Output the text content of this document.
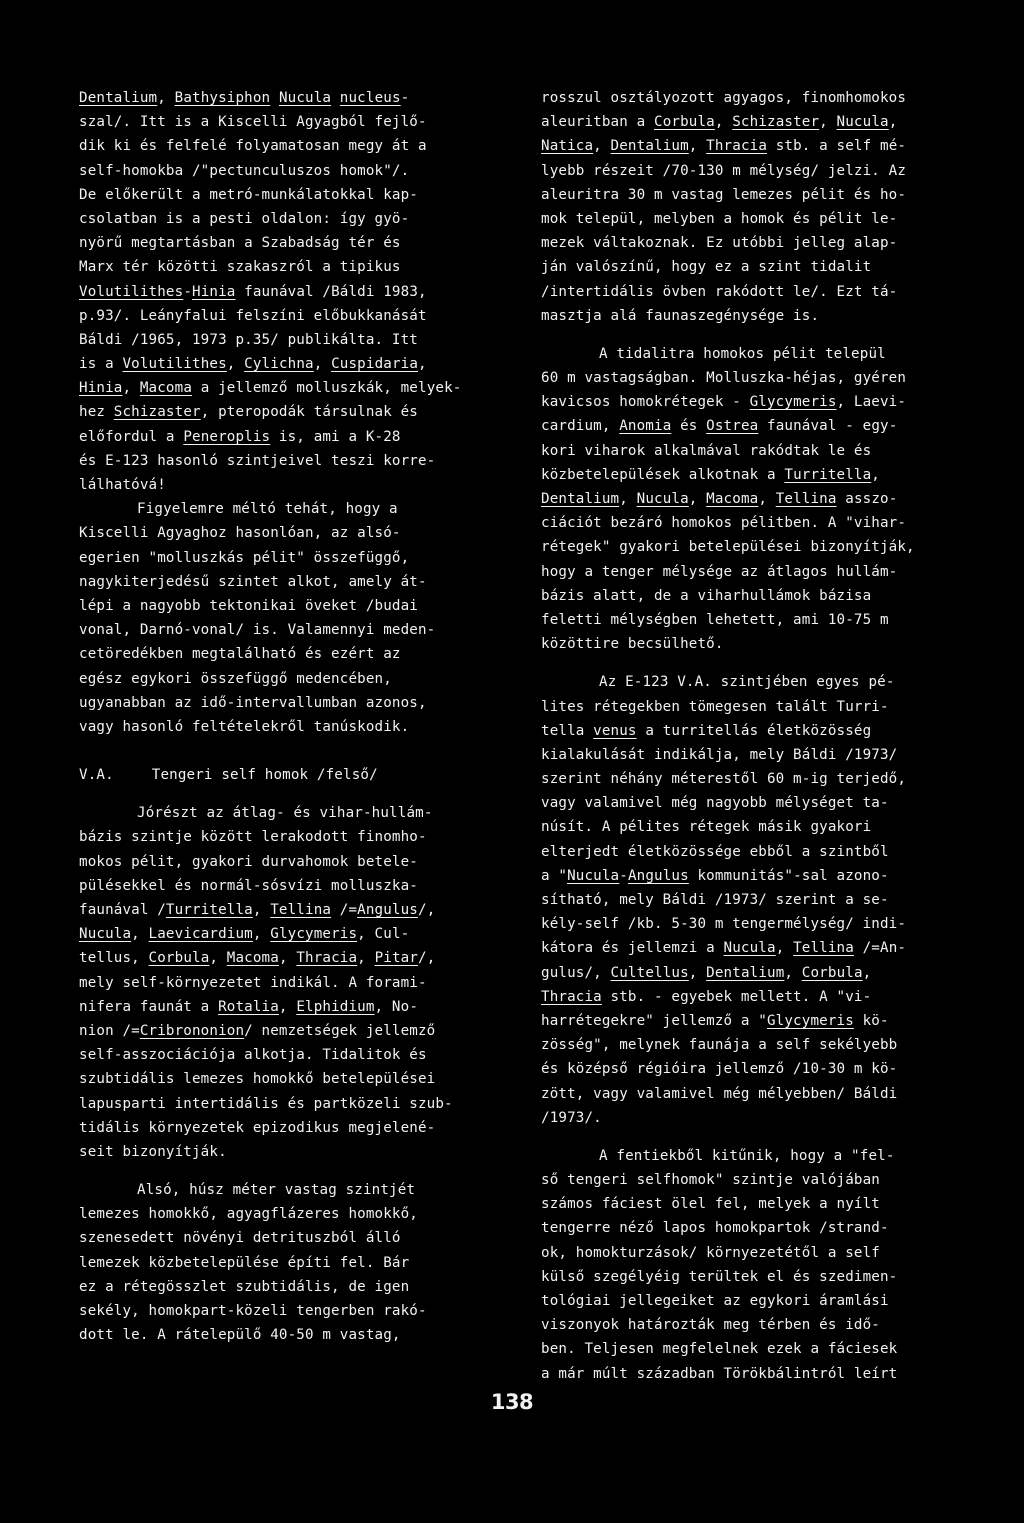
Dentalium, Bathysiphon Nucula nucleus-
szal/. Itt is a Kiscelli Agyagból fejlő-
dik ki és felfelé folyamatosan megy át a
self-homokba /"pectunculuszos homok"/.
De előkerült a metró-munkálatokkal kap-
csolatban is a pesti oldalon: így gyö-
nyörű megtartásban a Szabadság tér és
Marx tér közötti szakaszról a tipikus
Volutilithes-Hinia faunával /Báldi 1983,
p.93/. Leányfalui felszíni előbukkanását
Báldi /1965, 1973 p.35/ publikálta. Itt
is a Volutilithes, Cylichna, Cuspidaria,
Hinia, Macoma a jellemző molluszkák, melyek-
hez Schizaster, pteropodák társulnak és
előfordul a Peneroplis is, ami a K-28
és E-123 hasonló szintjeivel teszi korre-
lálhatóvá!
Figyelemre méltó tehát, hogy a
Kiscelli Agyaghoz hasonlóan, az alsó-
egerien "molluszkás pélit" összefüggő,
nagykiterjedésű szintet alkot, amely át-
lépi a nagyobb tektonikai öveket /budai
vonal, Darnó-vonal/ is. Valamennyi meden-
cetöredékben megtalálható és ezért az
egész egykori összefüggő medencében,
ugyanabban az idő-intervallumban azonos,
vagy hasonló feltételekről tanúskodik.
V.A.	Tengeri self homok /felső/
Jórészt az átlag- és vihar-hullám-
bázis szintje között lerakodott finomho-
mokos pélit, gyakori durvahomok betele-
pülésekkel és normál-sósvízi molluszka-
faunával /Turritella, Tellina /=Angulus/,
Nucula, Laevicardium, Glycymeris, Cul-
tellus, Corbula, Macoma, Thracia, Pitar/,
mely self-környezetet indikál. A forami-
nifera faunát a Rotalia, Elphidium, No-
nion /=Cribrononion/ nemzetségek jellemző
self-asszociációja alkotja. Tidalitok és
szubtidális lemezes homokkő betelepülései
lapusparti intertidális és partközeli szub-
tidális környezetek epizodikus megjelené-
seit bizonyítják.
Alsó, húsz méter vastag szintjét
lemezes homokkő, agyagflázeres homokkő,
szenesedett növényi detrituszból álló
lemezek közbetelepülése építi fel. Bár
ez a rétegösszlet szubtidális, de igen
sekély, homokpart-közeli tengerben rakó-
dott le. A rátelepülő 40-50 m vastag,
rosszul osztályozott agyagos, finomhomokos
aleuritban a Corbula, Schizaster, Nucula,
Natica, Dentalium, Thracia stb. a self mé-
lyebb részeit /70-130 m mélység/ jelzi. Az
aleuritra 30 m vastag lemezes pélit és ho-
mok települ, melyben a homok és pélit le-
mezek váltakoznak. Ez utóbbi jelleg alap-
ján valószínű, hogy ez a szint tidalit
/intertidális övben rakódott le/. Ezt tá-
masztja alá faunaszegénysége is.
A tidalitra homokos pélit települ
60 m vastagságban. Molluszka-héjas, gyéren
kavicsos homokrétegek - Glycymeris, Laevi-
cardium, Anomia és Ostrea faunával - egy-
kori viharok alkalmával rakódtak le és
közbetelepülések alkotnak a Turritella,
Dentalium, Nucula, Macoma, Tellina asszo-
ciációt bezáró homokos pélitben. A "vihar-
rétegek" gyakori betelepülései bizonyítják,
hogy a tenger mélysége az átlagos hullám-
bázis alatt, de a viharhullámok bázisa
feletti mélységben lehetett, ami 10-75 m
közöttire becsülhető.
Az E-123 V.A. szintjében egyes pé-
lites rétegekben tömegesen talált Turri-
tella venus a turritellás életközösség
kialakulását indikálja, mely Báldi /1973/
szerint néhány méterestől 60 m-ig terjedő,
vagy valamivel még nagyobb mélységet ta-
núsít. A pélites rétegek másik gyakori
elterjedt életközössége ebből a szintből
a "Nucula-Angulus kommunitás"-sal azono-
sítható, mely Báldi /1973/ szerint a se-
kély-self /kb. 5-30 m tengermélység/ indi-
kátora és jellemzi a Nucula, Tellina /=An-
gulus/, Cultellus, Dentalium, Corbula,
Thracia stb. - egyebek mellett. A "vi-
harrétegekre" jellemző a "Glycymeris kö-
zösség", melynek faunája a self sekélyebb
és középső régióira jellemző /10-30 m kö-
zött, vagy valamivel még mélyebben/ Báldi
/1973/.
A fentiekből kitűnik, hogy a "fel-
ső tengeri selfhomok" szintje valójában
számos fáciest ölel fel, melyek a nyílt
tengerre néző lapos homokpartok /strand-
ok, homokturzások/ környezetétől a self
külső szegélyéig terültek el és szedimen-
tológiai jellegeiket az egykori áramlási
viszonyok határozták meg térben és idő-
ben. Teljesen megfelelnek ezek a fáciesek
a már múlt században Törökbálintról leírt
138
